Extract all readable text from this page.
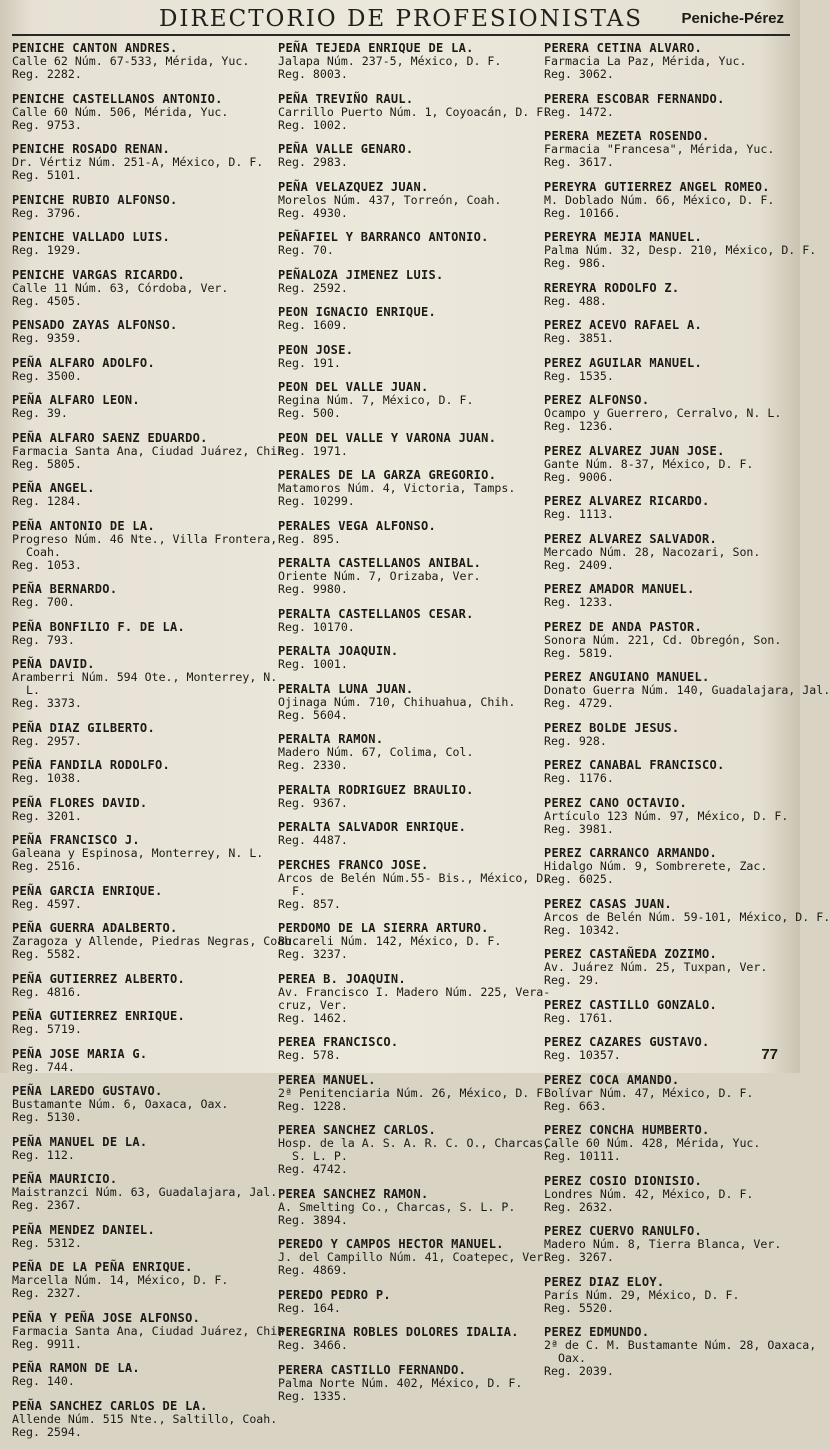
DIRECTORIO DE PROFESIONISTAS	Peniche-Pérez
PENICHE CANTON ANDRES.
Calle 62 Núm. 67-533, Mérida, Yuc.
Reg. 2282.
PENICHE CASTELLANOS ANTONIO.
Calle 60 Núm. 506, Mérida, Yuc.
Reg. 9753.
PENICHE ROSADO RENAN.
Dr. Vértiz Núm. 251-A, México, D. F.
Reg. 5101.
PENICHE RUBIO ALFONSO.
Reg. 3796.
PENICHE VALLADO LUIS.
Reg. 1929.
PENICHE VARGAS RICARDO.
Calle 11 Núm. 63, Córdoba, Ver.
Reg. 4505.
PENSADO ZAYAS ALFONSO.
Reg. 9359.
PEÑA ALFARO ADOLFO.
Reg. 3500.
PEÑA ALFARO LEON.
Reg. 39.
PEÑA ALFARO SAENZ EDUARDO.
Farmacia Santa Ana, Ciudad Juárez, Chih.
Reg. 5805.
PEÑA ANGEL.
Reg. 1284.
PEÑA ANTONIO DE LA.
Progreso Núm. 46 Nte., Villa Frontera,
Coah.
Reg. 1053.
PEÑA BERNARDO.
Reg. 700.
PEÑA BONFILIO F. DE LA.
Reg. 793.
PEÑA DAVID.
Aramberri Núm. 594 Ote., Monterrey, N.
L.
Reg. 3373.
PEÑA DIAZ GILBERTO.
Reg. 2957.
PEÑA FANDILA RODOLFO.
Reg. 1038.
PEÑA FLORES DAVID.
Reg. 3201.
PEÑA FRANCISCO J.
Galeana y Espinosa, Monterrey, N. L.
Reg. 2516.
PEÑA GARCIA ENRIQUE.
Reg. 4597.
PEÑA GUERRA ADALBERTO.
Zaragoza y Allende, Piedras Negras, Coah.
Reg. 5582.
PEÑA GUTIERREZ ALBERTO.
Reg. 4816.
PEÑA GUTIERREZ ENRIQUE.
Reg. 5719.
PEÑA JOSE MARIA G.
Reg. 744.
PEÑA LAREDO GUSTAVO.
Bustamante Núm. 6, Oaxaca, Oax.
Reg. 5130.
PEÑA MANUEL DE LA.
Reg. 112.
PEÑA MAURICIO.
Maistranzci Núm. 63, Guadalajara, Jal.
Reg. 2367.
PEÑA MENDEZ DANIEL.
Reg. 5312.
PEÑA DE LA PEÑA ENRIQUE.
Marcella Núm. 14, México, D. F.
Reg. 2327.
PEÑA Y PEÑA JOSE ALFONSO.
Farmacia Santa Ana, Ciudad Juárez, Chih.
Reg. 9911.
PEÑA RAMON DE LA.
Reg. 140.
PEÑA SANCHEZ CARLOS DE LA.
Allende Núm. 515 Nte., Saltillo, Coah.
Reg. 2594.
PEÑA TEJEDA ENRIQUE DE LA.
Jalapa Núm. 237-5, México, D. F.
Reg. 8003.
PEÑA TREVIÑO RAUL.
Carrillo Puerto Núm. 1, Coyoacán, D. F.
Reg. 1002.
PEÑA VALLE GENARO.
Reg. 2983.
PEÑA VELAZQUEZ JUAN.
Morelos Núm. 437, Torreón, Coah.
Reg. 4930.
PEÑAFIEL Y BARRANCO ANTONIO.
Reg. 70.
PEÑALOZA JIMENEZ LUIS.
Reg. 2592.
PEON IGNACIO ENRIQUE.
Reg. 1609.
PEON JOSE.
Reg. 191.
PEON DEL VALLE JUAN.
Regina Núm. 7, México, D. F.
Reg. 500.
PEON DEL VALLE Y VARONA JUAN.
Reg. 1971.
PERALES DE LA GARZA GREGORIO.
Matamoros Núm. 4, Victoria, Tamps.
Reg. 10299.
PERALES VEGA ALFONSO.
Reg. 895.
PERALTA CASTELLANOS ANIBAL.
Oriente Núm. 7, Orizaba, Ver.
Reg. 9980.
PERALTA CASTELLANOS CESAR.
Reg. 10170.
PERALTA JOAQUIN.
Reg. 1001.
PERALTA LUNA JUAN.
Ojinaga Núm. 710, Chihuahua, Chih.
Reg. 5604.
PERALTA RAMON.
Madero Núm. 67, Colima, Col.
Reg. 2330.
PERALTA RODRIGUEZ BRAULIO.
Reg. 9367.
PERALTA SALVADOR ENRIQUE.
Reg. 4487.
PERCHES FRANCO JOSE.
Arcos de Belén Núm.55- Bis., México, D.
F.
Reg. 857.
PERDOMO DE LA SIERRA ARTURO.
Bucareli Núm. 142, México, D. F.
Reg. 3237.
PEREA B. JOAQUIN.
Av. Francisco I. Madero Núm. 225, Vera-
cruz, Ver.
Reg. 1462.
PEREA FRANCISCO.
Reg. 578.
PEREA MANUEL.
2ª Penitenciaria Núm. 26, México, D. F.
Reg. 1228.
PEREA SANCHEZ CARLOS.
Hosp. de la A. S. A. R. C. O., Charcas,
S. L. P.
Reg. 4742.
PEREA SANCHEZ RAMON.
A. Smelting Co., Charcas, S. L. P.
Reg. 3894.
PEREDO Y CAMPOS HECTOR MANUEL.
J. del Campillo Núm. 41, Coatepec, Ver.
Reg. 4869.
PEREDO PEDRO P.
Reg. 164.
PEREGRINA ROBLES DOLORES IDALIA.
Reg. 3466.
PERERA CASTILLO FERNANDO.
Palma Norte Núm. 402, México, D. F.
Reg. 1335.
PERERA CETINA ALVARO.
Farmacia La Paz, Mérida, Yuc.
Reg. 3062.
PERERA ESCOBAR FERNANDO.
Reg. 1472.
PERERA MEZETA ROSENDO.
Farmacia "Francesa", Mérida, Yuc.
Reg. 3617.
PEREYRA GUTIERREZ ANGEL ROMEO.
M. Doblado Núm. 66, México, D. F.
Reg. 10166.
PEREYRA MEJIA MANUEL.
Palma Núm. 32, Desp. 210, México, D. F.
Reg. 986.
REREYRA RODOLFO Z.
Reg. 488.
PEREZ ACEVO RAFAEL A.
Reg. 3851.
PEREZ AGUILAR MANUEL.
Reg. 1535.
PEREZ ALFONSO.
Ocampo y Guerrero, Cerralvo, N. L.
Reg. 1236.
PEREZ ALVAREZ JUAN JOSE.
Gante Núm. 8-37, México, D. F.
Reg. 9006.
PEREZ ALVAREZ RICARDO.
Reg. 1113.
PEREZ ALVAREZ SALVADOR.
Mercado Núm. 28, Nacozari, Son.
Reg. 2409.
PEREZ AMADOR MANUEL.
Reg. 1233.
PEREZ DE ANDA PASTOR.
Sonora Núm. 221, Cd. Obregón, Son.
Reg. 5819.
PEREZ ANGUIANO MANUEL.
Donato Guerra Núm. 140, Guadalajara, Jal.
Reg. 4729.
PEREZ BOLDE JESUS.
Reg. 928.
PEREZ CANABAL FRANCISCO.
Reg. 1176.
PEREZ CANO OCTAVIO.
Artículo 123 Núm. 97, México, D. F.
Reg. 3981.
PEREZ CARRANCO ARMANDO.
Hidalgo Núm. 9, Sombrerete, Zac.
Reg. 6025.
PEREZ CASAS JUAN.
Arcos de Belén Núm. 59-101, México, D. F.
Reg. 10342.
PEREZ CASTAÑEDA ZOZIMO.
Av. Juárez Núm. 25, Tuxpan, Ver.
Reg. 29.
PEREZ CASTILLO GONZALO.
Reg. 1761.
PEREZ CAZARES GUSTAVO.
Reg. 10357.
PEREZ COCA AMANDO.
Bolívar Núm. 47, México, D. F.
Reg. 663.
PEREZ CONCHA HUMBERTO.
Calle 60 Núm. 428, Mérida, Yuc.
Reg. 10111.
PEREZ COSIO DIONISIO.
Londres Núm. 42, México, D. F.
Reg. 2632.
PEREZ CUERVO RANULFO.
Madero Núm. 8, Tierra Blanca, Ver.
Reg. 3267.
PEREZ DIAZ ELOY.
París Núm. 29, México, D. F.
Reg. 5520.
PEREZ EDMUNDO.
2ª de C. M. Bustamante Núm. 28, Oaxaca,
Oax.
Reg. 2039.
77
